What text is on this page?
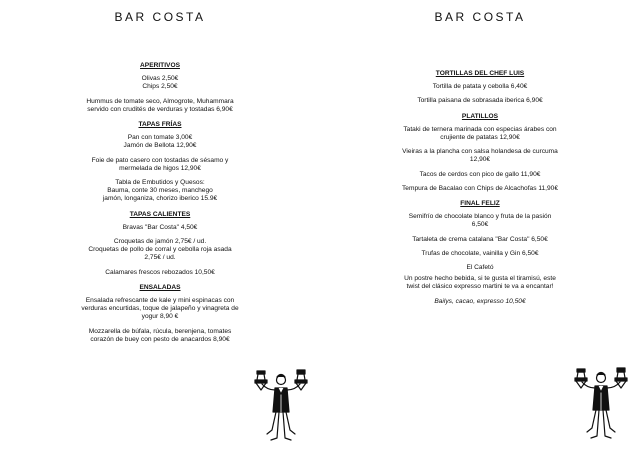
BAR COSTA
APERITIVOS
Olivas 2,50€
Chips 2,50€
Hummus de tomate seco, Almogrote, Muhammara
servido con crudités de verduras y tostadas 6,90€
TAPAS FRÍAS
Pan con tomate 3,00€
Jamón de Bellota 12,90€
Foie de pato casero con tostadas de sésamo y
mermelada de higos 12,90€
Tabla de Embutidos y Quesos:
Bauma, conte 30 meses, manchego
jamón, longaniza, chorizo iberico 15.9€
TAPAS CALIENTES
Bravas "Bar Costa" 4,50€
Croquetas de jamón 2,75€ / ud.
Croquetas de pollo de corral y cebolla roja asada
2,75€ / ud.
Calamares frescos rebozados 10,50€
ENSALADAS
Ensalada refrescante de kale y mini espinacas con
verduras encurtidas, toque de jalapeño y vinagreta de
yogur 8,90 €
Mozzarella de búfala, rúcula, berenjena, tomates
corazón de buey con pesto de anacardos 8,90€
BAR COSTA
TORTILLAS DEL CHEF LUIS
Tortilla de patata y cebolla 6,40€
Tortilla paisana de sobrasada iberica 6,90€
PLATILLOS
Tataki de ternera marinada con especias árabes con
crujiente de patatas 12,90€
Vieiras a la plancha con salsa holandesa de curcuma
12,90€
Tacos de cerdos con pico de gallo 11,90€
Tempura de Bacalao con Chips de Alcachofas 11,90€
FINAL FELIZ
Semifrío de chocolate blanco y fruta de la pasión
6,50€
Tartaleta de crema catalana "Bar Costa" 6,50€
Trufas de chocolate, vainilla y Gin 6,50€
El Cafetó
Un postre hecho bebida, si te gusta el tiramisú, este
twist del clásico expresso martini te va a encantar!
Bailys, cacao, expresso 10,50€
